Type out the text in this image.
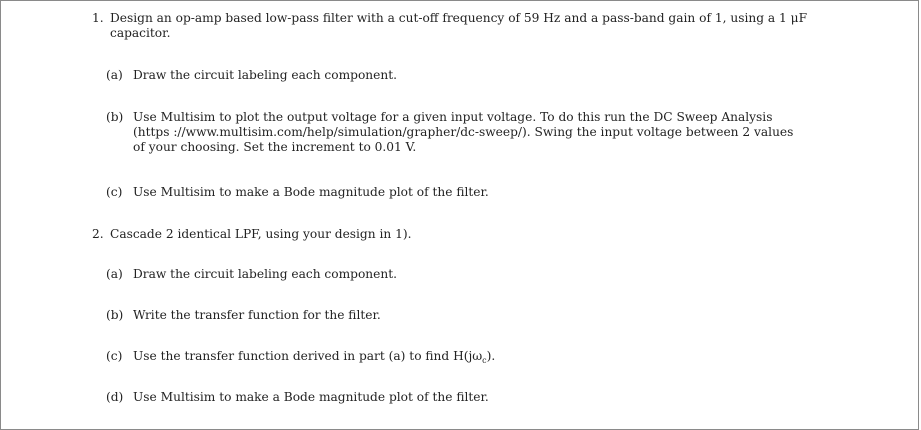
1. Design an op-amp based low-pass filter with a cut-off frequency of 59 Hz and a pass-band gain of 1, using a 1 μF
capacitor.
(a) Draw the circuit labeling each component.
(b) Use Multisim to plot the output voltage for a given input voltage. To do this run the DC Sweep Analysis
(https ://www.multisim.com/help/simulation/grapher/dc-sweep/). Swing the input voltage between 2 values
of your choosing. Set the increment to 0.01 V.
(c) Use Multisim to make a Bode magnitude plot of the filter.
2. Cascade 2 identical LPF, using your design in 1).
(a) Draw the circuit labeling each component.
(b) Write the transfer function for the filter.
(c) Use the transfer function derived in part (a) to find $H(j\omega_c)$.
(d) Use Multisim to make a Bode magnitude plot of the filter.
